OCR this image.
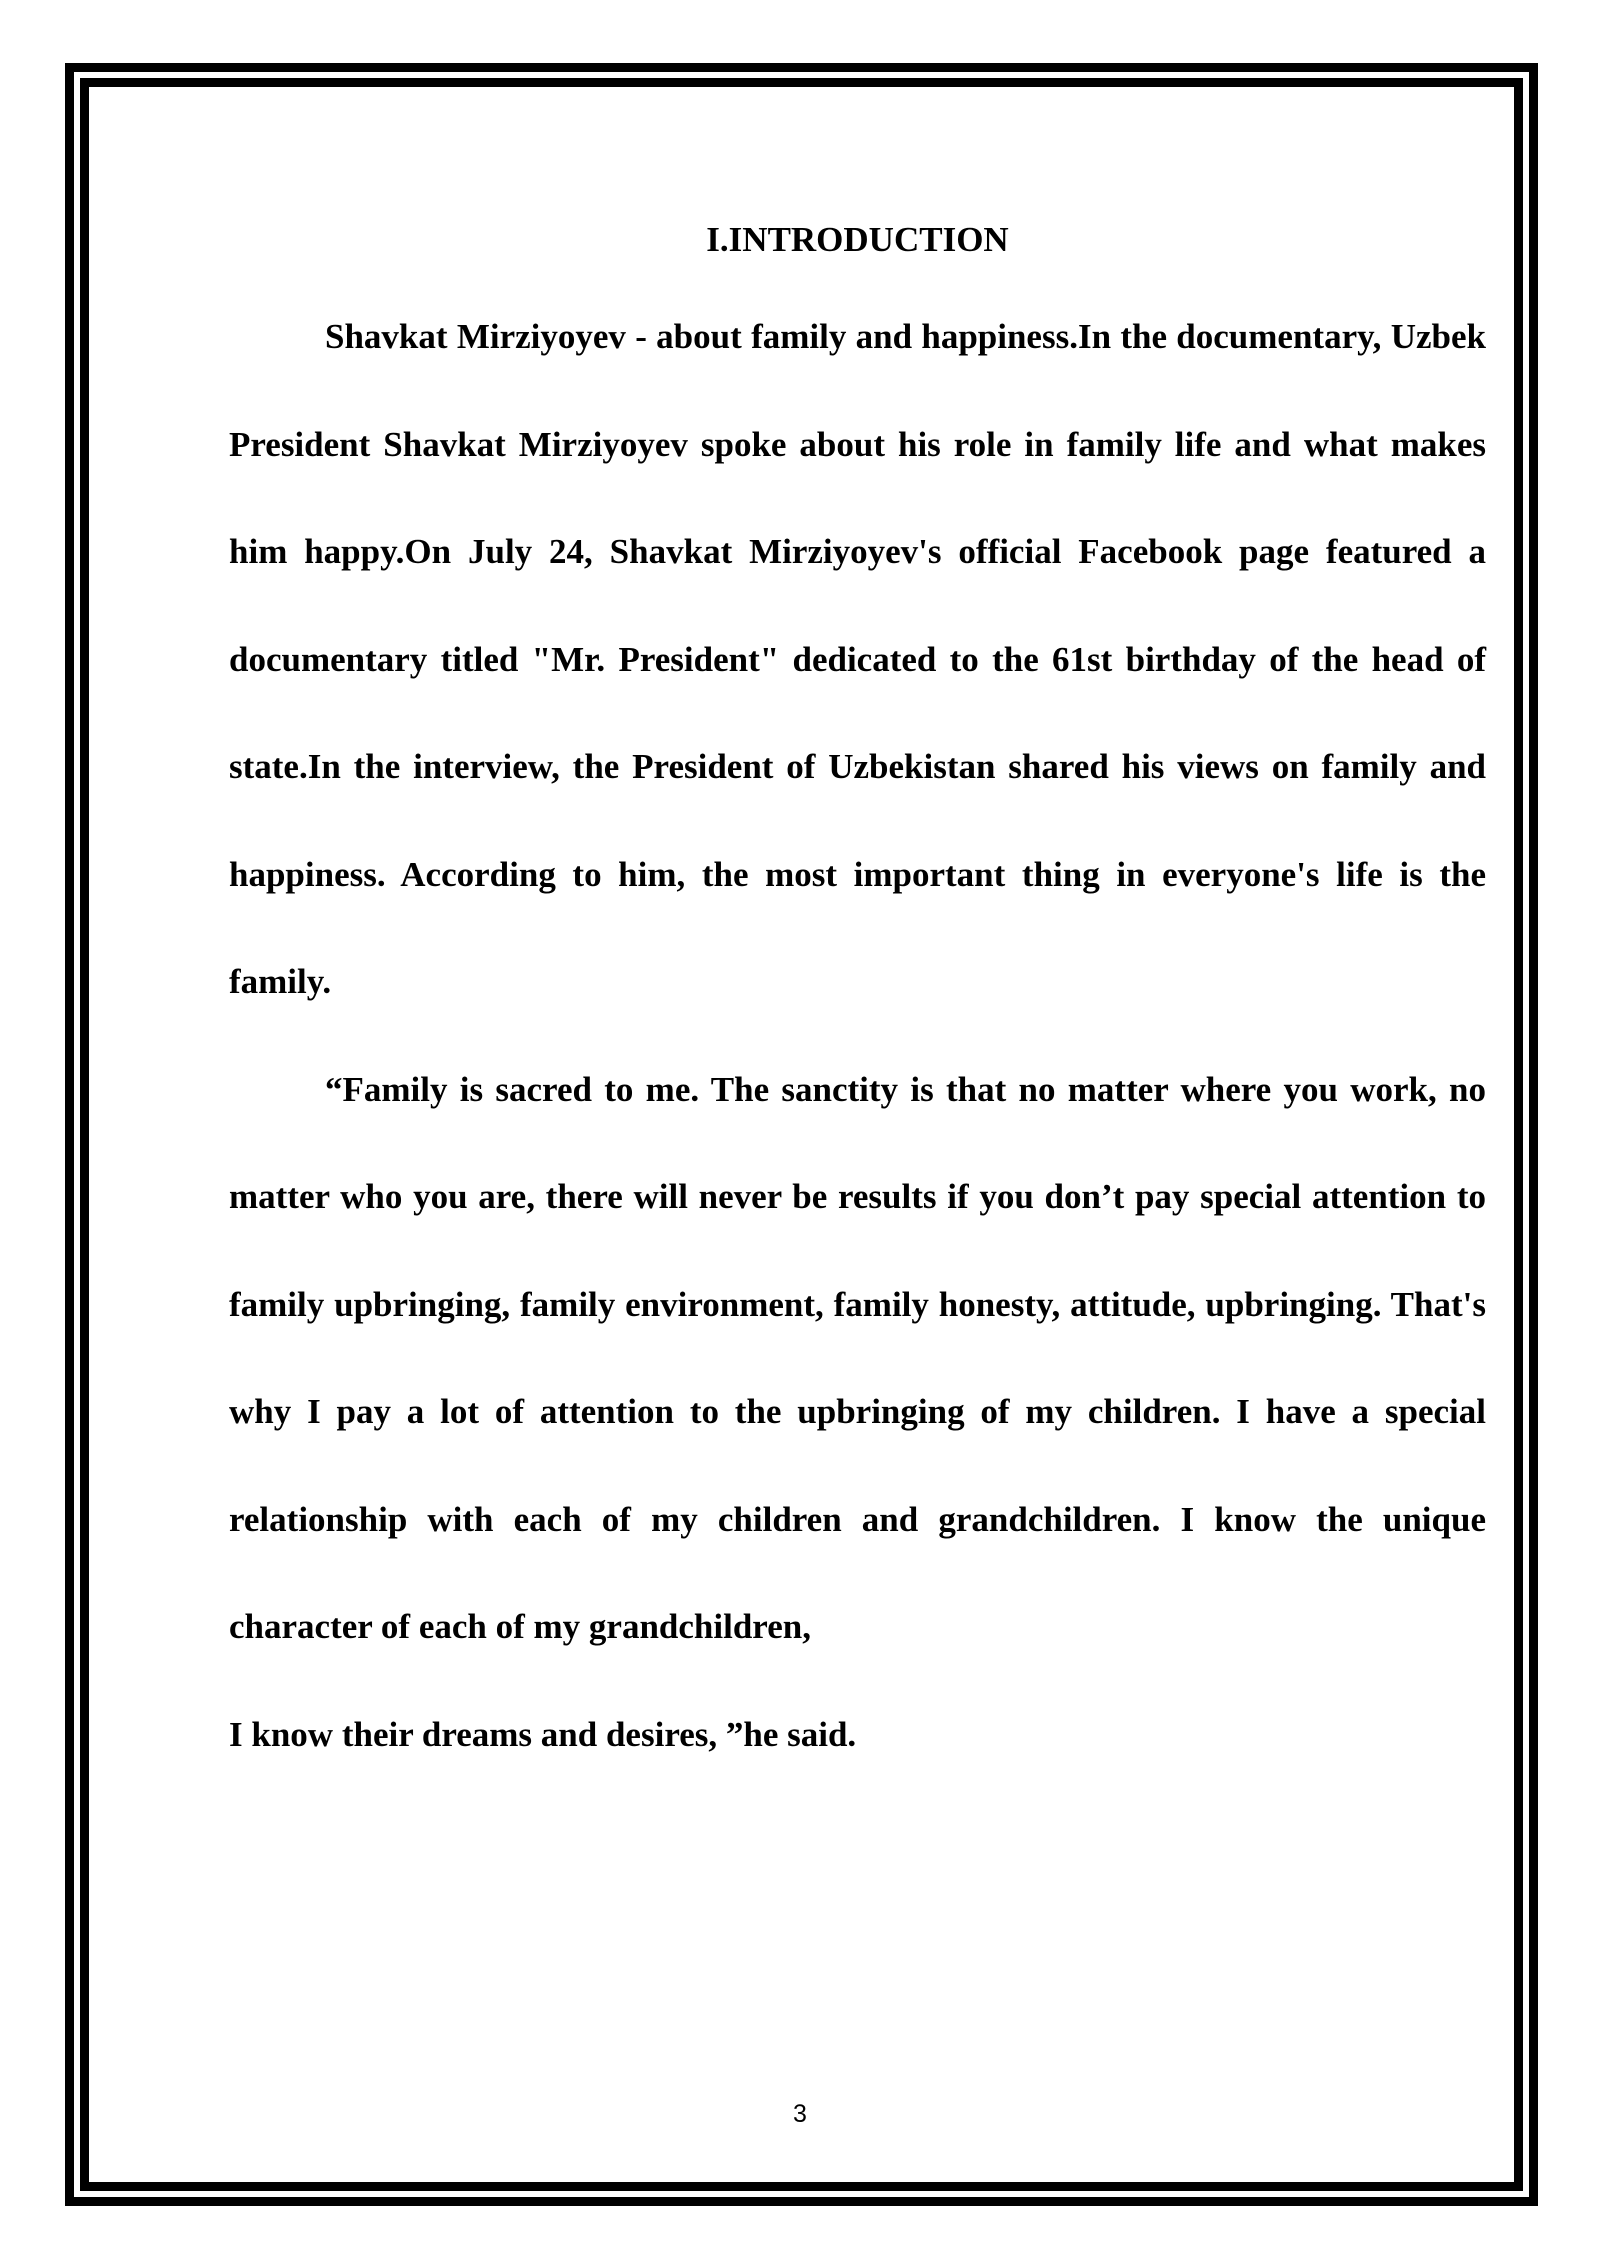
I.INTRODUCTION

Shavkat Mirziyoyev - about family and happiness.In the documentary, Uzbek President Shavkat Mirziyoyev spoke about his role in family life and what makes him happy.On July 24, Shavkat Mirziyoyev's official Facebook page featured a documentary titled "Mr. President" dedicated to the 61st birthday of the head of state.In the interview, the President of Uzbekistan shared his views on family and happiness. According to him, the most important thing in everyone's life is the family.

“Family is sacred to me. The sanctity is that no matter where you work, no matter who you are, there will never be results if you don’t pay special attention to family upbringing, family environment, family honesty, attitude, upbringing. That's why I pay a lot of attention to the upbringing of my children. I have a special relationship with each of my children and grandchildren. I know the unique character of each of my grandchildren,

I know their dreams and desires, ”he said.

3
